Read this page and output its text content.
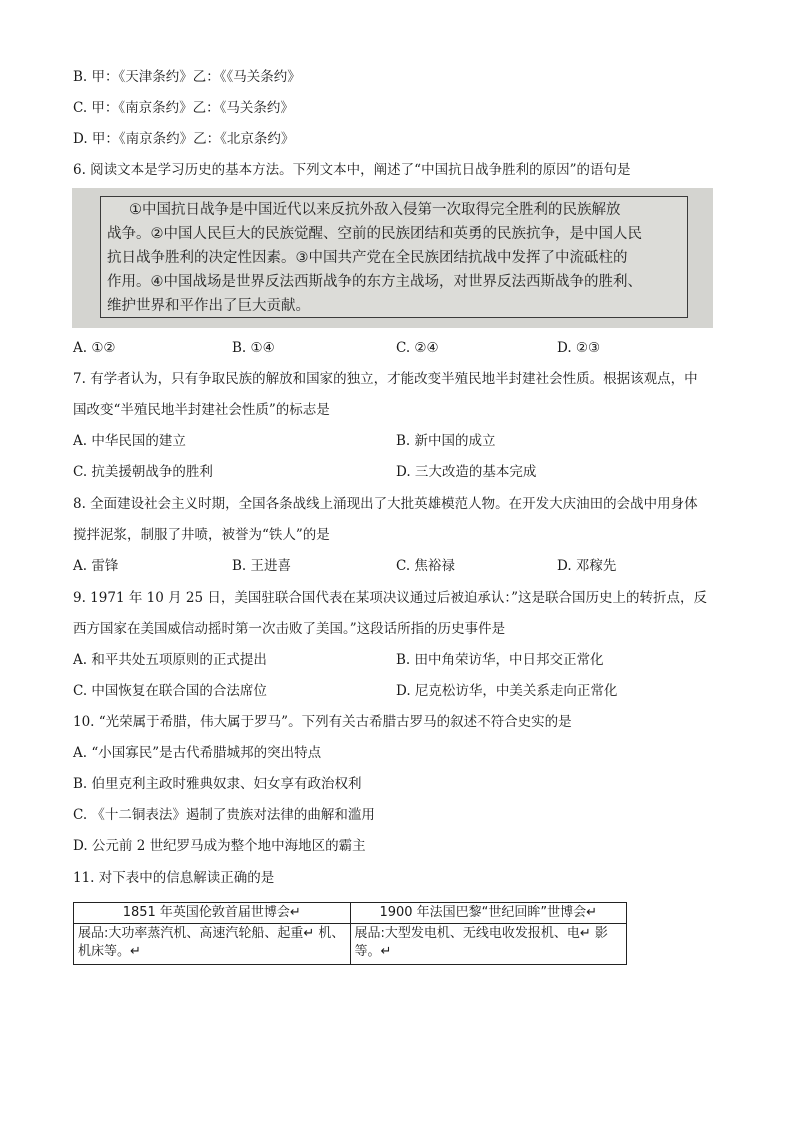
B. 甲：《天津条约》乙：《《马关条约》
C. 甲：《南京条约》乙：《马关条约》
D. 甲：《南京条约》乙：《北京条约》
6. 阅读文本是学习历史的基本方法。下列文本中，阐述了“中国抗日战争胜利的原因”的语句是
①中国抗日战争是中国近代以来反抗外敌入侵第一次取得完全胜利的民族解放
战争。②中国人民巨大的民族觉醒、空前的民族团结和英勇的民族抗争，是中国人民
抗日战争胜利的决定性因素。③中国共产党在全民族团结抗战中发挥了中流砥柱的
作用。④中国战场是世界反法西斯战争的东方主战场，对世界反法西斯战争的胜利、
维护世界和平作出了巨大贡献。
A. ①②	B. ①④	C. ②④	D. ②③
7. 有学者认为，只有争取民族的解放和国家的独立，才能改变半殖民地半封建社会性质。根据该观点，中
国改变“半殖民地半封建社会性质”的标志是
A. 中华民国的建立	B. 新中国的成立
C. 抗美援朝战争的胜利	D. 三大改造的基本完成
8. 全面建设社会主义时期，全国各条战线上涌现出了大批英雄模范人物。在开发大庆油田的会战中用身体
搅拌泥浆，制服了井喷，被誉为“铁人”的是
A. 雷锋	B. 王进喜	C. 焦裕禄	D. 邓稼先
9. 1971 年 10 月 25 日，美国驻联合国代表在某项决议通过后被迫承认：”这是联合国历史上的转折点，反
西方国家在美国威信动摇时第一次击败了美国。”这段话所指的历史事件是
A. 和平共处五项原则的正式提出	B. 田中角荣访华，中日邦交正常化
C. 中国恢复在联合国的合法席位	D. 尼克松访华，中美关系走向正常化
10. “光荣属于希腊，伟大属于罗马”。下列有关古希腊古罗马的叙述不符合史实的是
A. “小国寡民”是古代希腊城邦的突出特点
B. 伯里克利主政时雅典奴隶、妇女享有政治权利
C. 《十二铜表法》遏制了贵族对法律的曲解和滥用
D. 公元前 2 世纪罗马成为整个地中海地区的霸主
11. 对下表中的信息解读正确的是
1851 年英国伦敦首届世博会↵	1900 年法国巴黎“世纪回眸”世博会↵
展品:大功率蒸汽机、高速汽轮船、起重↵ 机、机床等。↵	展品:大型发电机、无线电收发报机、电↵ 影等。↵
